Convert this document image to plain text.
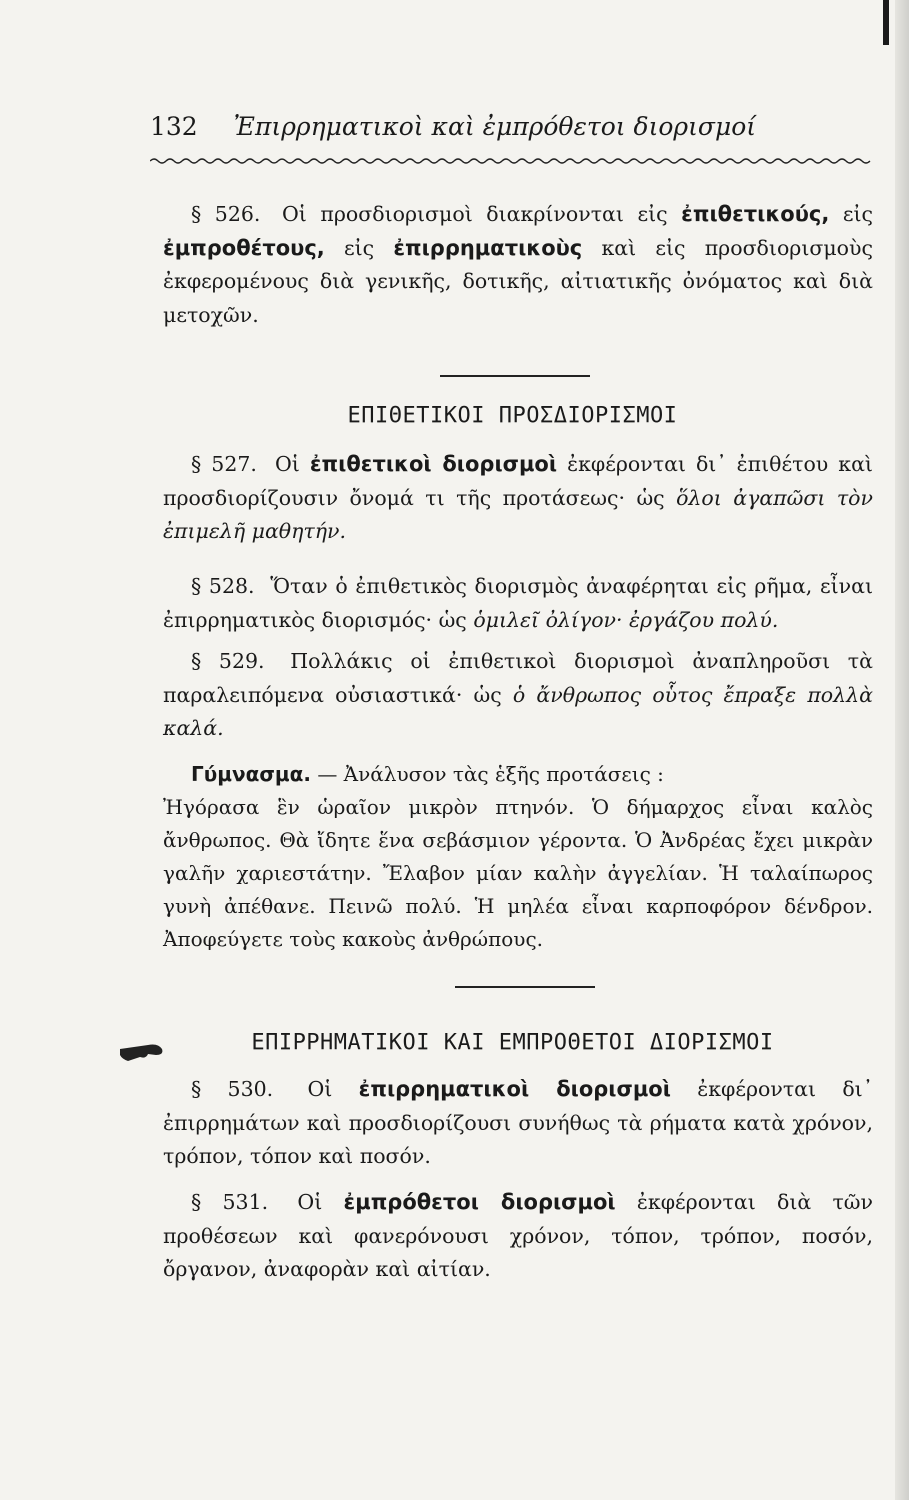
132 Ἐπιρρηματικοὶ καὶ ἐμπρόθετοι διορισμοί
§ 526. Οἱ προσδιορισμοὶ διακρίνονται εἰς ἐπιθετικούς, εἰς ἐμπροθέτους, εἰς ἐπιρρηματικοὺς καὶ εἰς προσδιορισμοὺς ἐκφερομένους διὰ γενικῆς, δοτικῆς, αἰτιατικῆς ὀνόματος καὶ διὰ μετοχῶν.
ΕΠΙΘΕΤΙΚΟΙ ΠΡΟΣΔΙΟΡΙΣΜΟΙ
§ 527. Οἱ ἐπιθετικοὶ διορισμοὶ ἐκφέρονται δι᾽ ἐπιθέτου καὶ προσδιορίζουσιν ὄνομά τι τῆς προτάσεως· ὡς ὅλοι ἀγαπῶσι τὸν ἐπιμελῆ μαθητήν.
§ 528. Ὅταν ὁ ἐπιθετικὸς διορισμὸς ἀναφέρηται εἰς ρῆμα, εἶναι ἐπιρρηματικὸς διορισμός· ὡς ὁμιλεῖ ὀλίγον· ἐργάζου πολύ.
§ 529. Πολλάκις οἱ ἐπιθετικοὶ διορισμοὶ ἀναπληροῦσι τὰ παραλειπόμενα οὐσιαστικά· ὡς ὁ ἄνθρωπος οὗτος ἔπραξε πολλὰ καλά.
Γύμνασμα. — Ἀνάλυσον τὰς ἑξῆς προτάσεις :
Ἠγόρασα ἓν ὡραῖον μικρὸν πτηνόν. Ὁ δήμαρχος εἶναι καλὸς ἄνθρωπος. Θὰ ἴδητε ἕνα σεβάσμιον γέροντα. Ὁ Ἀνδρέας ἔχει μικρὰν γαλῆν χαριεστάτην. Ἔλαβον μίαν καλὴν ἀγγελίαν. Ἡ ταλαίπωρος γυνὴ ἀπέθανε. Πεινῶ πολύ. Ἡ μηλέα εἶναι καρποφόρον δένδρον. Ἀποφεύγετε τοὺς κακοὺς ἀνθρώπους.
ΕΠΙΡΡΗΜΑΤΙΚΟΙ ΚΑΙ ΕΜΠΡΟΘΕΤΟΙ ΔΙΟΡΙΣΜΟΙ
§ 530. Οἱ ἐπιρρηματικοὶ διορισμοὶ ἐκφέρονται δι᾽ ἐπιρρημάτων καὶ προσδιορίζουσι συνήθως τὰ ρήματα κατὰ χρόνον, τρόπον, τόπον καὶ ποσόν.
§ 531. Οἱ ἐμπρόθετοι διορισμοὶ ἐκφέρονται διὰ τῶν προθέσεων καὶ φανερόνουσι χρόνον, τόπον, τρόπον, ποσόν, ὄργανον, ἀναφορὰν καὶ αἰτίαν.
